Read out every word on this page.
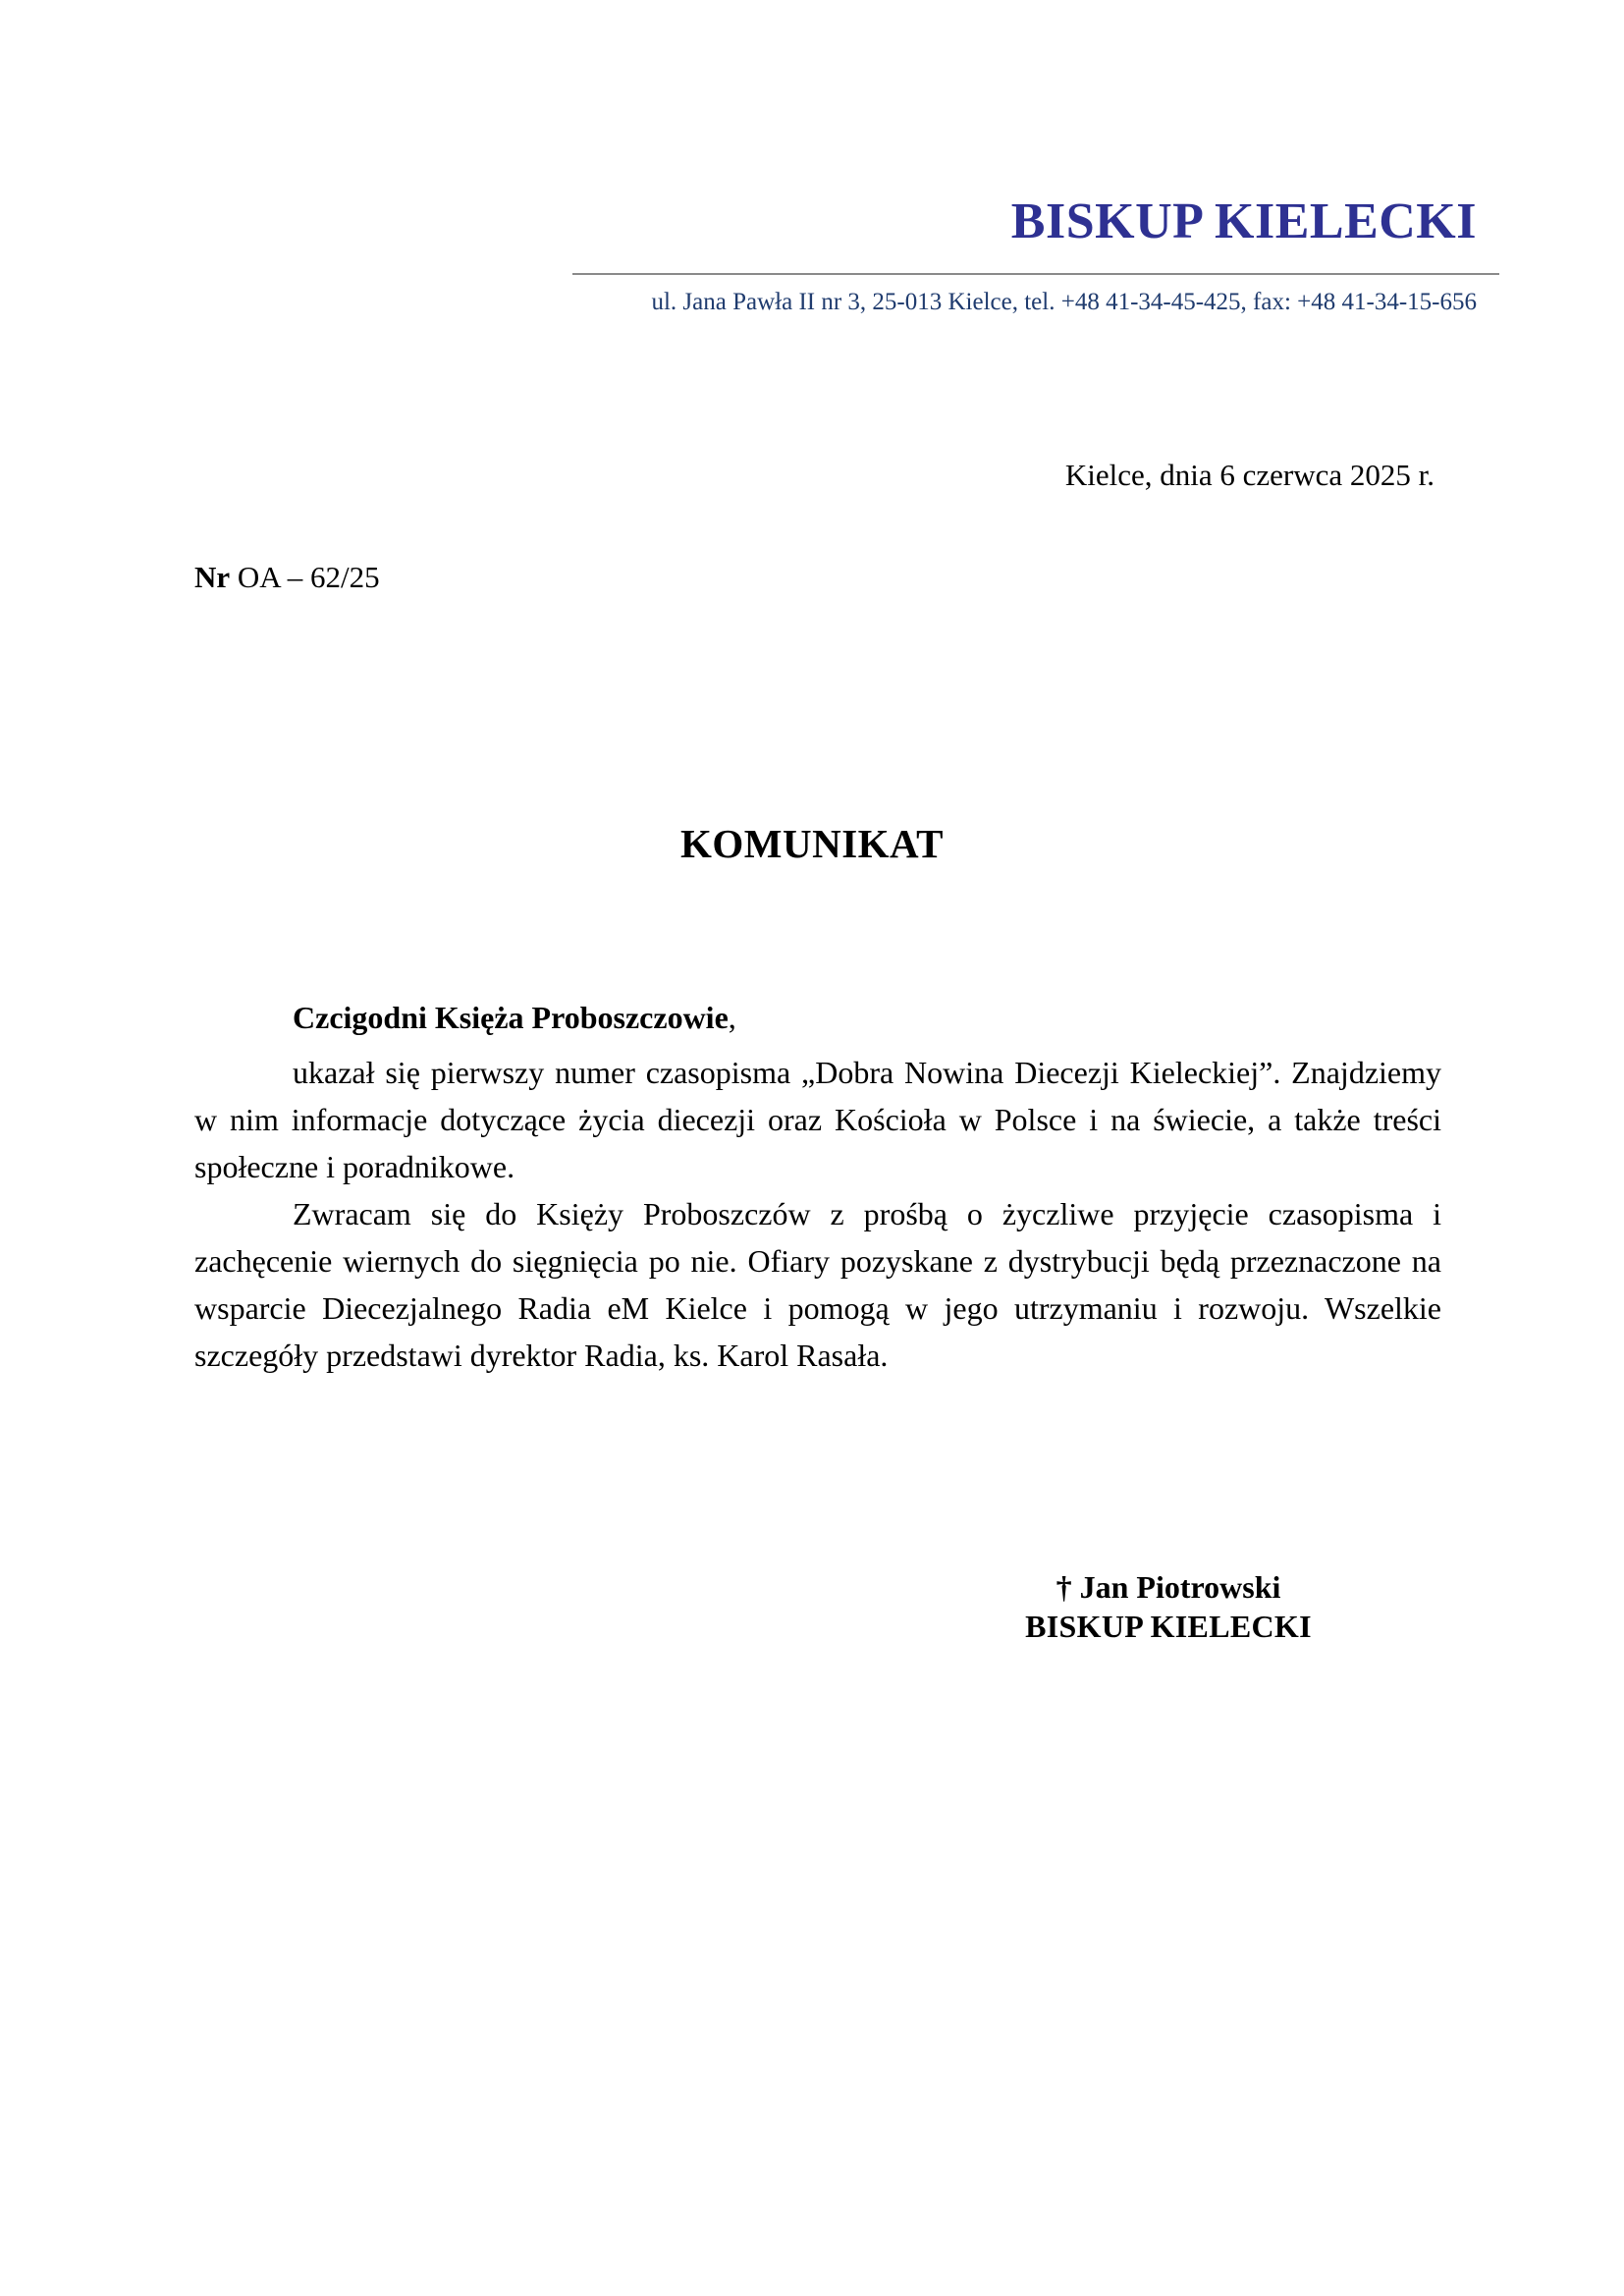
BISKUP KIELECKI
ul. Jana Pawła II nr 3, 25-013 Kielce, tel. +48 41-34-45-425, fax: +48 41-34-15-656
Kielce, dnia 6 czerwca 2025 r.
Nr OA – 62/25
KOMUNIKAT
Czcigodni Księża Proboszczowie,

ukazał się pierwszy numer czasopisma „Dobra Nowina Diecezji Kieleckiej”. Znajdziemy w nim informacje dotyczące życia diecezji oraz Kościoła w Polsce i na świecie, a także treści społeczne i poradnikowe.

Zwracam się do Księży Proboszczów z prośbą o życzliwe przyjęcie czasopisma i zachęcenie wiernych do sięgnięcia po nie. Ofiary pozyskane z dystrybucji będą przeznaczone na wsparcie Diecezjalnego Radia eM Kielce i pomogą w jego utrzymaniu i rozwoju. Wszelkie szczegóły przedstawi dyrektor Radia, ks. Karol Rasała.

† Jan Piotrowski
BISKUP KIELECKI
